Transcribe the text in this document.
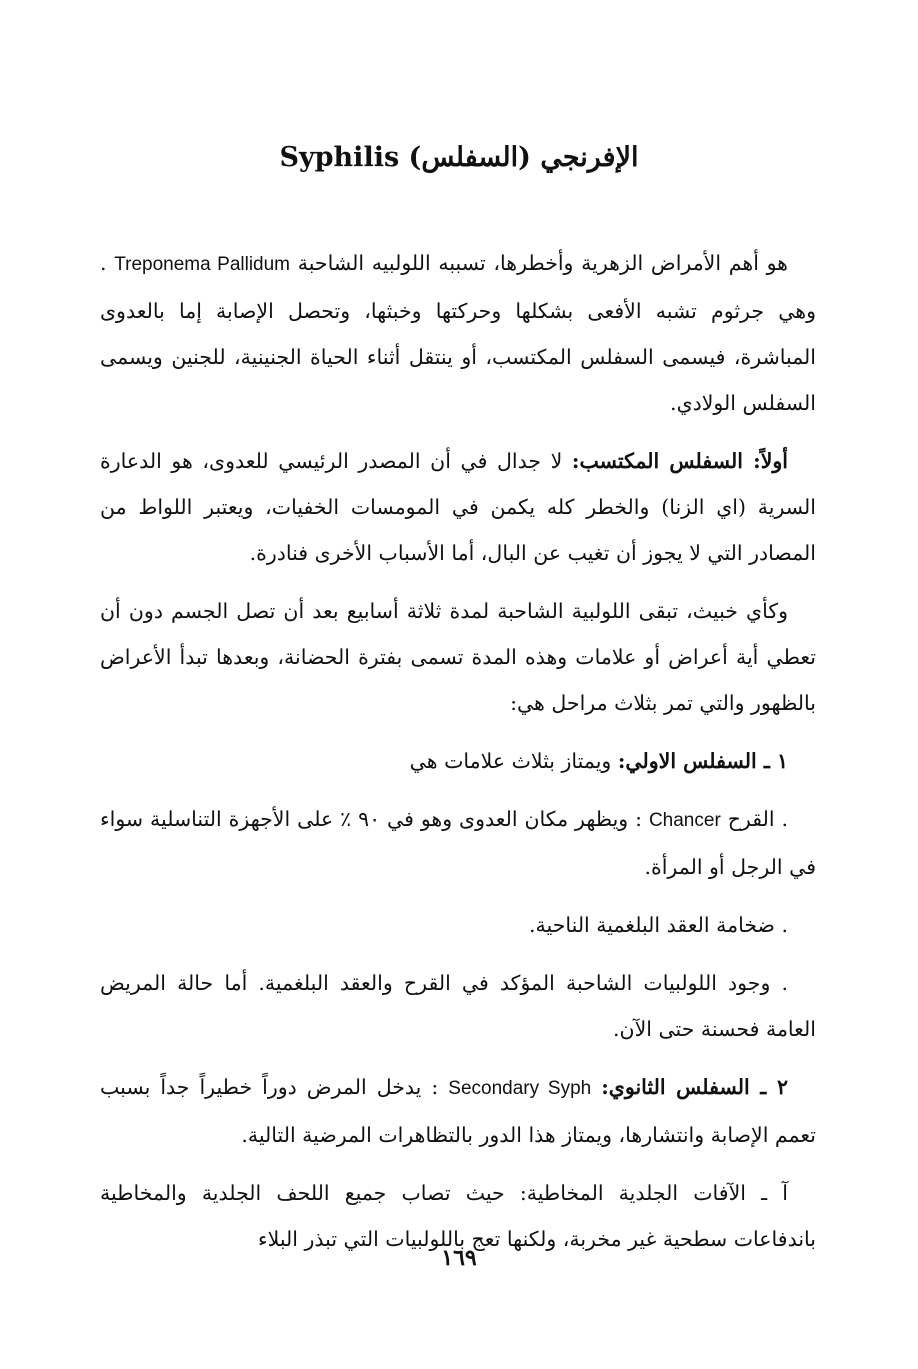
الإفرنجي (السفلس) Syphilis

هو أهم الأمراض الزهرية وأخطرها، تسببه اللولبيه الشاحبة Treponema Pallidum . وهي جرثوم تشبه الأفعى بشكلها وحركتها وخبثها، وتحصل الإصابة إما بالعدوى المباشرة، فيسمى السفلس المكتسب، أو ينتقل أثناء الحياة الجنينية، للجنين ويسمى السفلس الولادي.

أولاً: السفلس المكتسب: لا جدال في أن المصدر الرئيسي للعدوى، هو الدعارة السرية (اي الزنا) والخطر كله يكمن في المومسات الخفيات، ويعتبر اللواط من المصادر التي لا يجوز أن تغيب عن البال، أما الأسباب الأخرى فنادرة.

وكأي خبيث، تبقى اللولبية الشاحبة لمدة ثلاثة أسابيع بعد أن تصل الجسم دون أن تعطي أية أعراض أو علامات وهذه المدة تسمى بفترة الحضانة، وبعدها تبدأ الأعراض بالظهور والتي تمر بثلاث مراحل هي:

١ ـ السفلس الاولي: ويمتاز بثلاث علامات هي

. القرح Chancer : ويظهر مكان العدوى وهو في ٩٠ ٪ على الأجهزة التناسلية سواء في الرجل أو المرأة.

. ضخامة العقد البلغمية الناحية.

. وجود اللولبيات الشاحبة المؤكد في القرح والعقد البلغمية. أما حالة المريض العامة فحسنة حتى الآن.

٢ ـ السفلس الثانوي: Secondary Syph : يدخل المرض دوراً خطيراً جداً بسبب تعمم الإصابة وانتشارها، ويمتاز هذا الدور بالتظاهرات المرضية التالية.

آ ـ الآفات الجلدية المخاطية: حيث تصاب جميع اللحف الجلدية والمخاطية باندفاعات سطحية غير مخربة، ولكنها تعج باللولبيات التي تبذر البلاء

١٦٩
